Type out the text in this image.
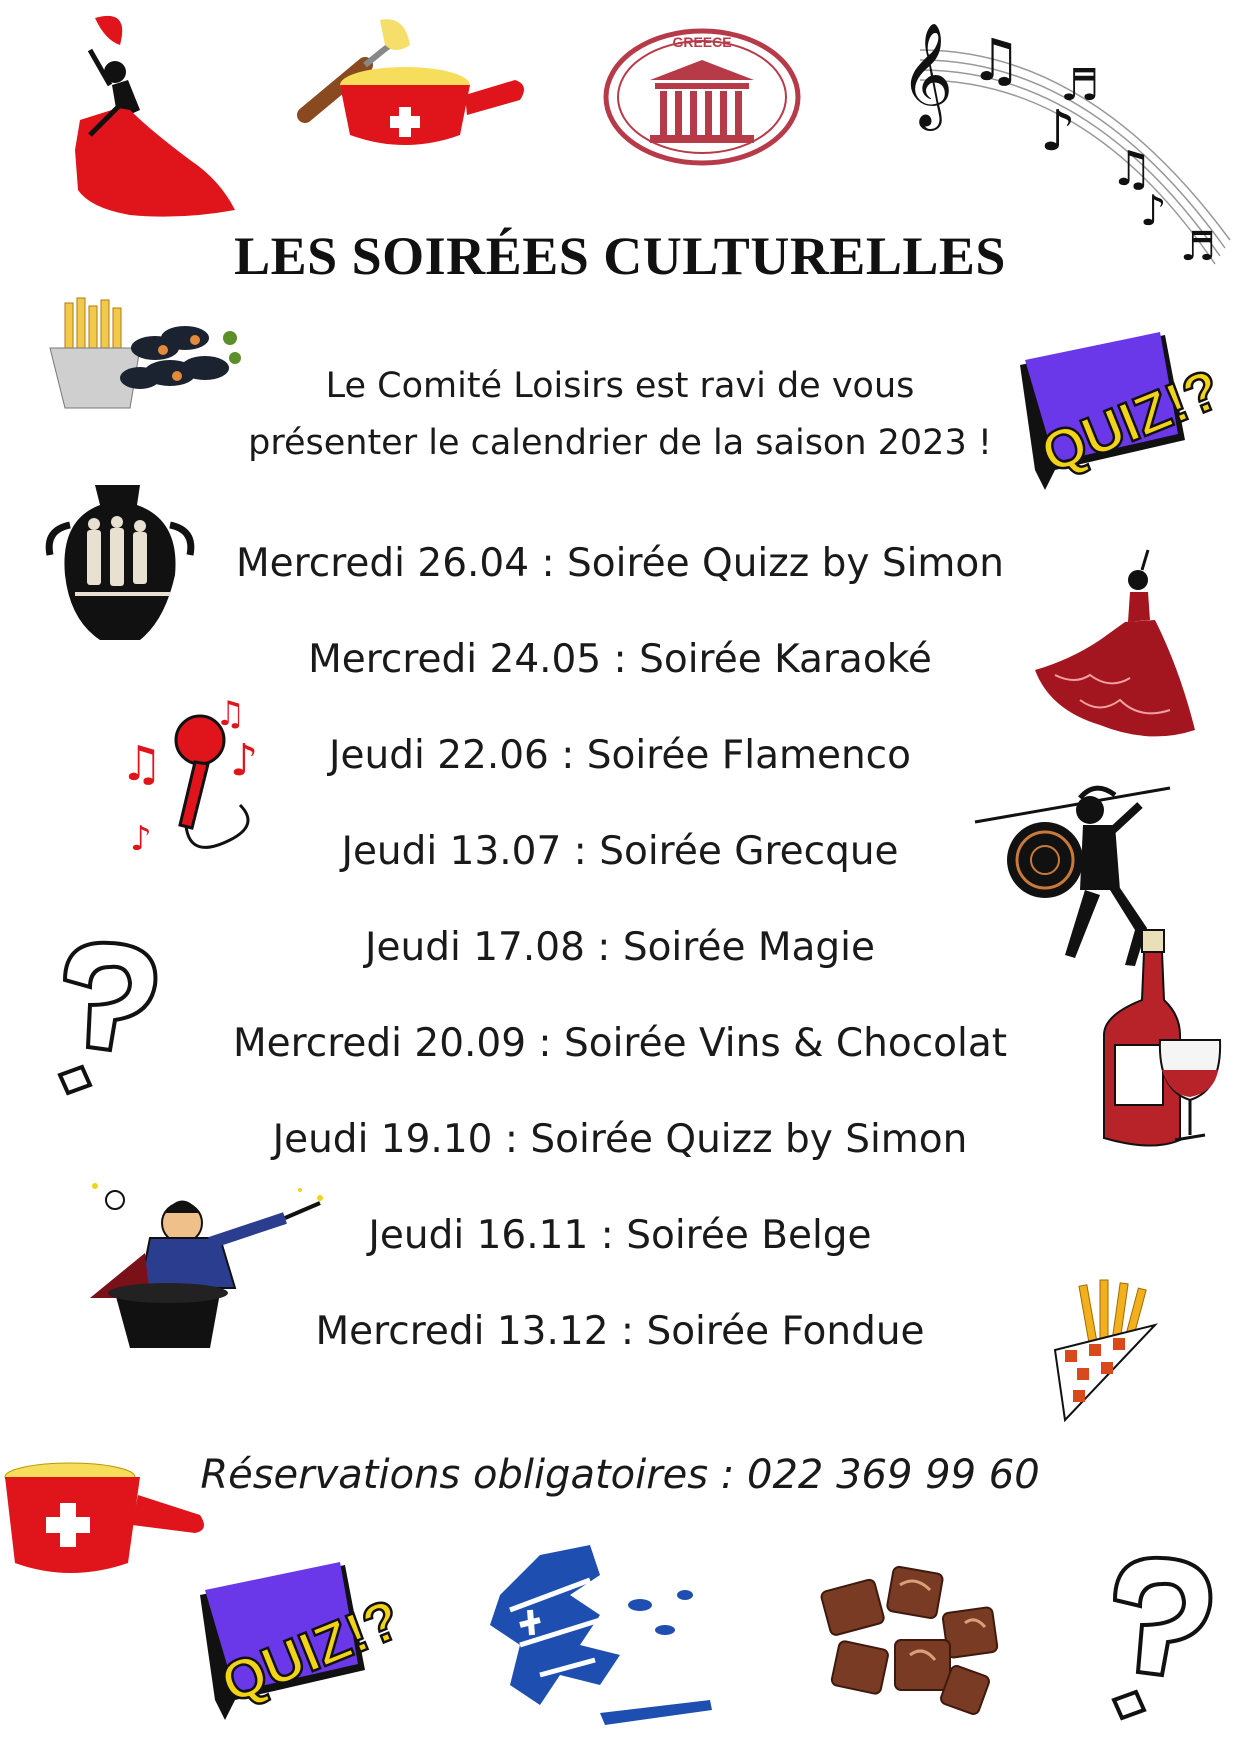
LES SOIRÉES CULTURELLES
Le Comité Loisirs est ravi de vous
présenter le calendrier de la saison 2023 !
Mercredi 26.04 : Soirée Quizz by Simon
Mercredi 24.05 : Soirée Karaoké
Jeudi 22.06 : Soirée Flamenco
Jeudi 13.07 : Soirée Grecque
Jeudi 17.08 : Soirée Magie
Mercredi 20.09 : Soirée Vins & Chocolat
Jeudi 19.10 : Soirée Quizz by Simon
Jeudi 16.11 : Soirée Belge
Mercredi 13.12 : Soirée Fondue
Réservations obligatoires : 022 369 99 60
GREECE 𝄞 ♫
♪
♬
♫
♪
♬
QUIZ!?
♫ ♪
♫
♪
QUIZ!?
